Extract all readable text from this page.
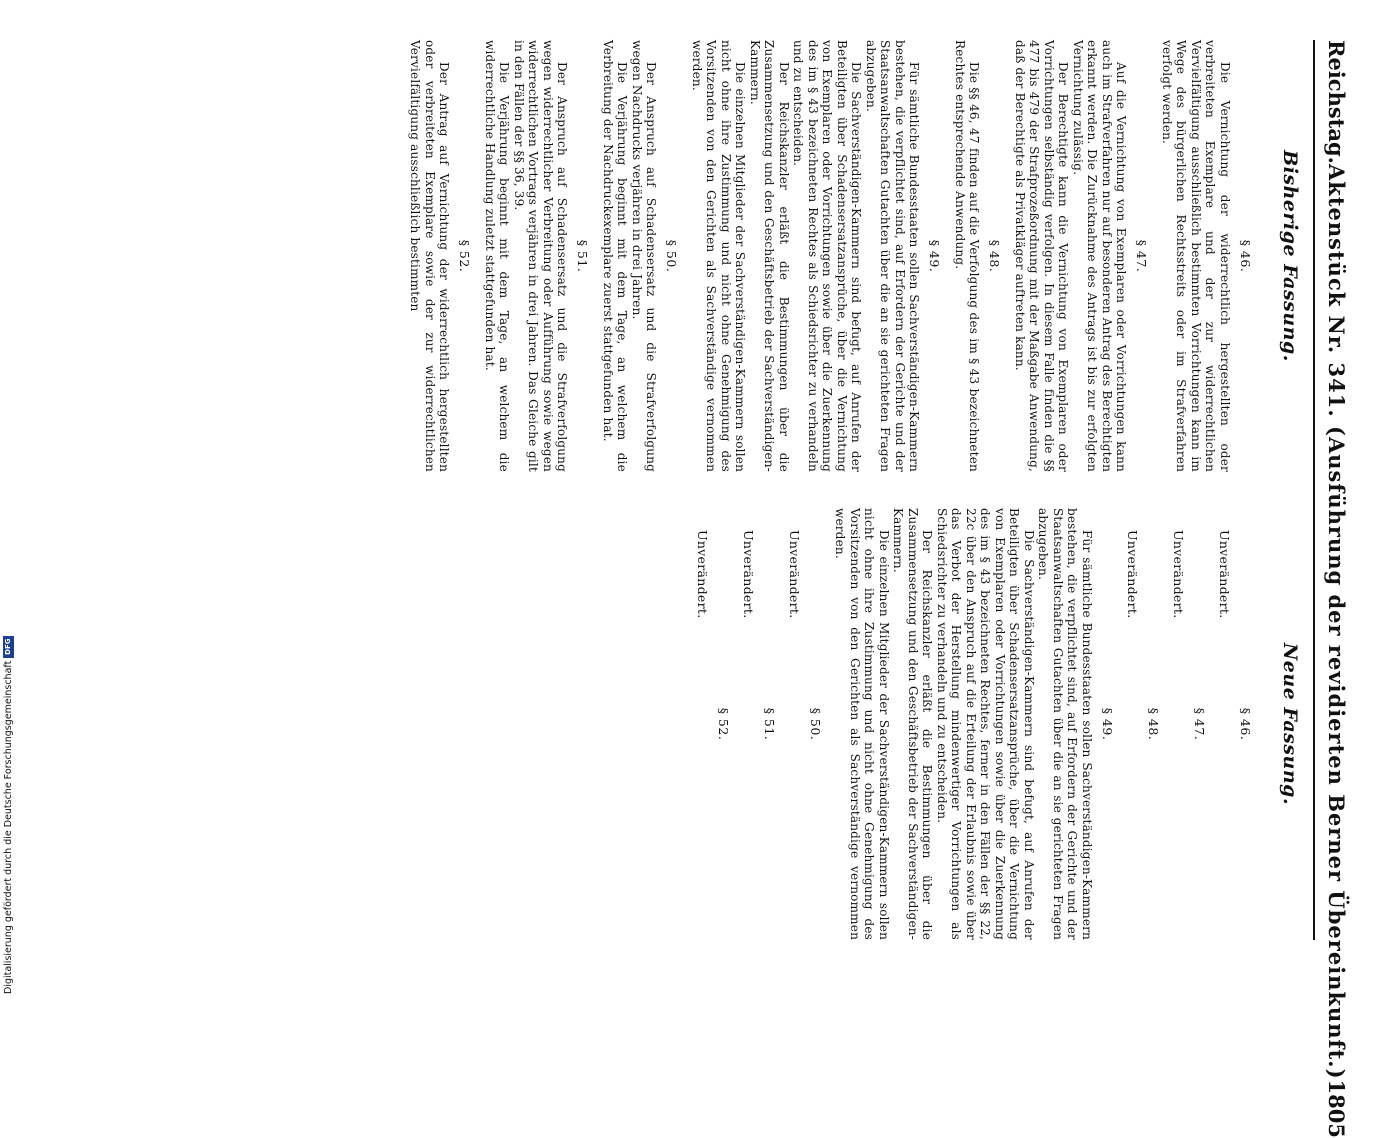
Reichstag.
Aktenstück Nr. 341. (Ausführung der revidierten Berner Übereinkunft.)
1805
Bisherige Fassung.
Neue Fassung.
§ 46.

Die Vernichtung der widerrechtlich hergestellten oder verbreiteten Exemplare und der zur widerrechtlichen Vervielfältigung ausschließlich bestimmten Vorrichtungen kann im Wege des bürgerlichen Rechtsstreits oder im Strafverfahren verfolgt werden.

§ 47.

Auf die Vernichtung von Exemplaren oder Vorrichtungen kann auch im Strafverfahren nur auf besonderen Antrag des Berechtigten erkannt werden. Die Zurücknahme des Antrags ist bis zur erfolgten Vernichtung zulässig.

Der Berechtigte kann die Vernichtung von Exemplaren oder Vorrichtungen selbständig verfolgen. In diesem Falle finden die §§ 477 bis 479 der Strafprozeßordnung mit der Maßgabe Anwendung, daß der Berechtigte als Privatkläger auftreten kann.

§ 48.

Die §§ 46, 47 finden auf die Verfolgung des im § 43 bezeichneten Rechtes entsprechende Anwendung.

§ 49.

Für sämtliche Bundesstaaten sollen Sachverständigen-Kammern bestehen, die verpflichtet sind, auf Erfordern der Gerichte und der Staatsanwaltschaften Gutachten über die an sie gerichteten Fragen abzugeben.

Die Sachverständigen-Kammern sind befugt, auf Anrufen der Beteiligten über Schadensersatzansprüche, über die Vernichtung von Exemplaren oder Vorrichtungen sowie über die Zuerkennung des im § 43 bezeichneten Rechtes als Schiedsrichter zu verhandeln und zu entscheiden.

Der Reichskanzler erläßt die Bestimmungen über die Zusammensetzung und den Geschäftsbetrieb der Sachverständigen-Kammern.

Die einzelnen Mitglieder der Sachverständigen-Kammern sollen nicht ohne ihre Zustimmung und nicht ohne Genehmigung des Vorsitzenden von den Gerichten als Sachverständige vernommen werden.

§ 50.

Der Anspruch auf Schadensersatz und die Strafverfolgung wegen Nachdrucks verjähren in drei Jahren.

Die Verjährung beginnt mit dem Tage, an welchem die Verbreitung der Nachdruckexemplare zuerst stattgefunden hat.

§ 51.

Der Anspruch auf Schadensersatz und die Strafverfolgung wegen widerrechtlicher Verbreitung oder Aufführung sowie wegen widerrechtlichen Vortrags verjähren in drei Jahren. Das Gleiche gilt in den Fällen der §§ 36, 39.

Die Verjährung beginnt mit dem Tage, an welchem die widerrechtliche Handlung zuletzt stattgefunden hat.

§ 52.

Der Antrag auf Vernichtung der widerrechtlich hergestellten oder verbreiteten Exemplare sowie der zur widerrechtlichen Vervielfältigung ausschließlich bestimmten

§ 46.

Unverändert.

§ 47.

Unverändert.

§ 48.

Unverändert.

§ 49.

Für sämtliche Bundesstaaten sollen Sachverständigen-Kammern bestehen, die verpflichtet sind, auf Erfordern der Gerichte und der Staatsanwaltschaften Gutachten über die an sie gerichteten Fragen abzugeben.

Die Sachverständigen-Kammern sind befugt, auf Anrufen der Beteiligten über Schadensersatzansprüche, über die Vernichtung von Exemplaren oder Vorrichtungen sowie über die Zuerkennung des im § 43 bezeichneten Rechtes, ferner in den Fällen der §§ 22, 22c über den Anspruch auf die Erteilung der Erlaubnis sowie über das Verbot der Herstellung mindenwertiger Vorrichtungen als Schiedsrichter zu verhandeln und zu entscheiden.

Der Reichskanzler erläßt die Bestimmungen über die Zusammensetzung und den Geschäftsbetrieb der Sachverständigen-Kammern.

Die einzelnen Mitglieder der Sachverständigen-Kammern sollen nicht ohne ihre Zustimmung und nicht ohne Genehmigung des Vorsitzenden von den Gerichten als Sachverständige vernommen werden.

§ 50.

Unverändert.

§ 51.

Unverändert.

§ 52.

Unverändert.

Digitalisierung gefördert durch die Deutsche Forschungsgemeinschaft
DFG
